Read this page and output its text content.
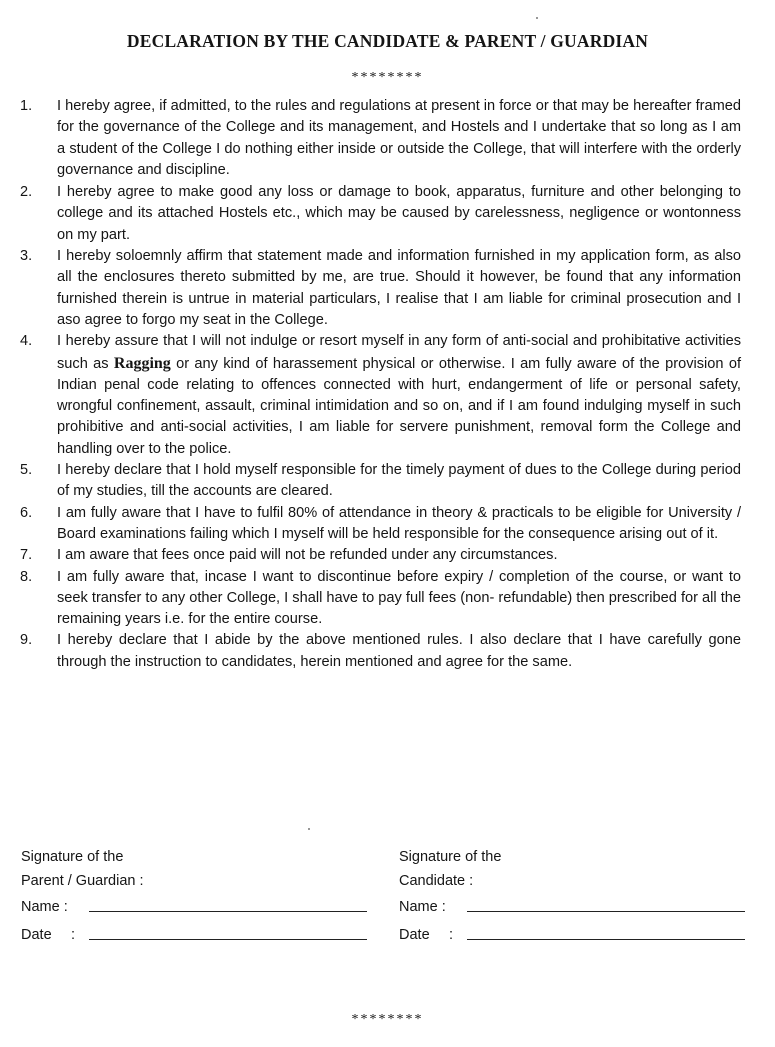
DECLARATION BY THE CANDIDATE & PARENT / GUARDIAN
********
1. I hereby agree, if admitted, to the rules and regulations at present in force or that may be hereafter framed for the governance of the College and its management, and Hostels and I undertake that so long as I am a student of the College I do nothing either inside or outside the College, that will interfere with the orderly governance and discipline.
2. I hereby agree to make good any loss or damage to book, apparatus, furniture and other belonging to college and its attached Hostels etc., which may be caused by carelessness, negligence or wontonness on my part.
3. I hereby soloemnly affirm that statement made and information furnished in my application form, as also all the enclosures thereto submitted by me, are true. Should it however, be found that any information furnished therein is untrue in material particulars, I realise that I am liable for criminal prosecution and I aso agree to forgo my seat in the College.
4. I hereby assure that I will not indulge or resort myself in any form of anti-social and prohibitative activities such as Ragging or any kind of harassement physical or otherwise. I am fully aware of the provision of Indian penal code relating to offences connected with hurt, endangerment of life or personal safety, wrongful confinement, assault, criminal intimidation and so on, and if I am found indulging myself in such prohibitive and anti-social activities, I am liable for servere punishment, removal form the College and handling over to the police.
5. I hereby declare that I hold myself responsible for the timely payment of dues to the College during period of my studies, till the accounts are cleared.
6. I am fully aware that I have to fulfil 80% of attendance in theory & practicals to be eligible for University / Board examinations failing which I myself will be held responsible for the consequence arising out of it.
7. I am aware that fees once paid will not be refunded under any circumstances.
8. I am fully aware that, incase I want to discontinue before expiry / completion of the course, or want to seek transfer to any other College, I shall have to pay full fees (non- refundable) then prescribed for all the remaining years i.e. for the entire course.
9. I hereby declare that I abide by the above mentioned rules. I also declare that I have carefully gone through the instruction to candidates, herein mentioned and agree for the same.
Signature of the
Parent / Guardian :
Name :
Date :
Signature of the
Candidate :
Name :
Date :
********
